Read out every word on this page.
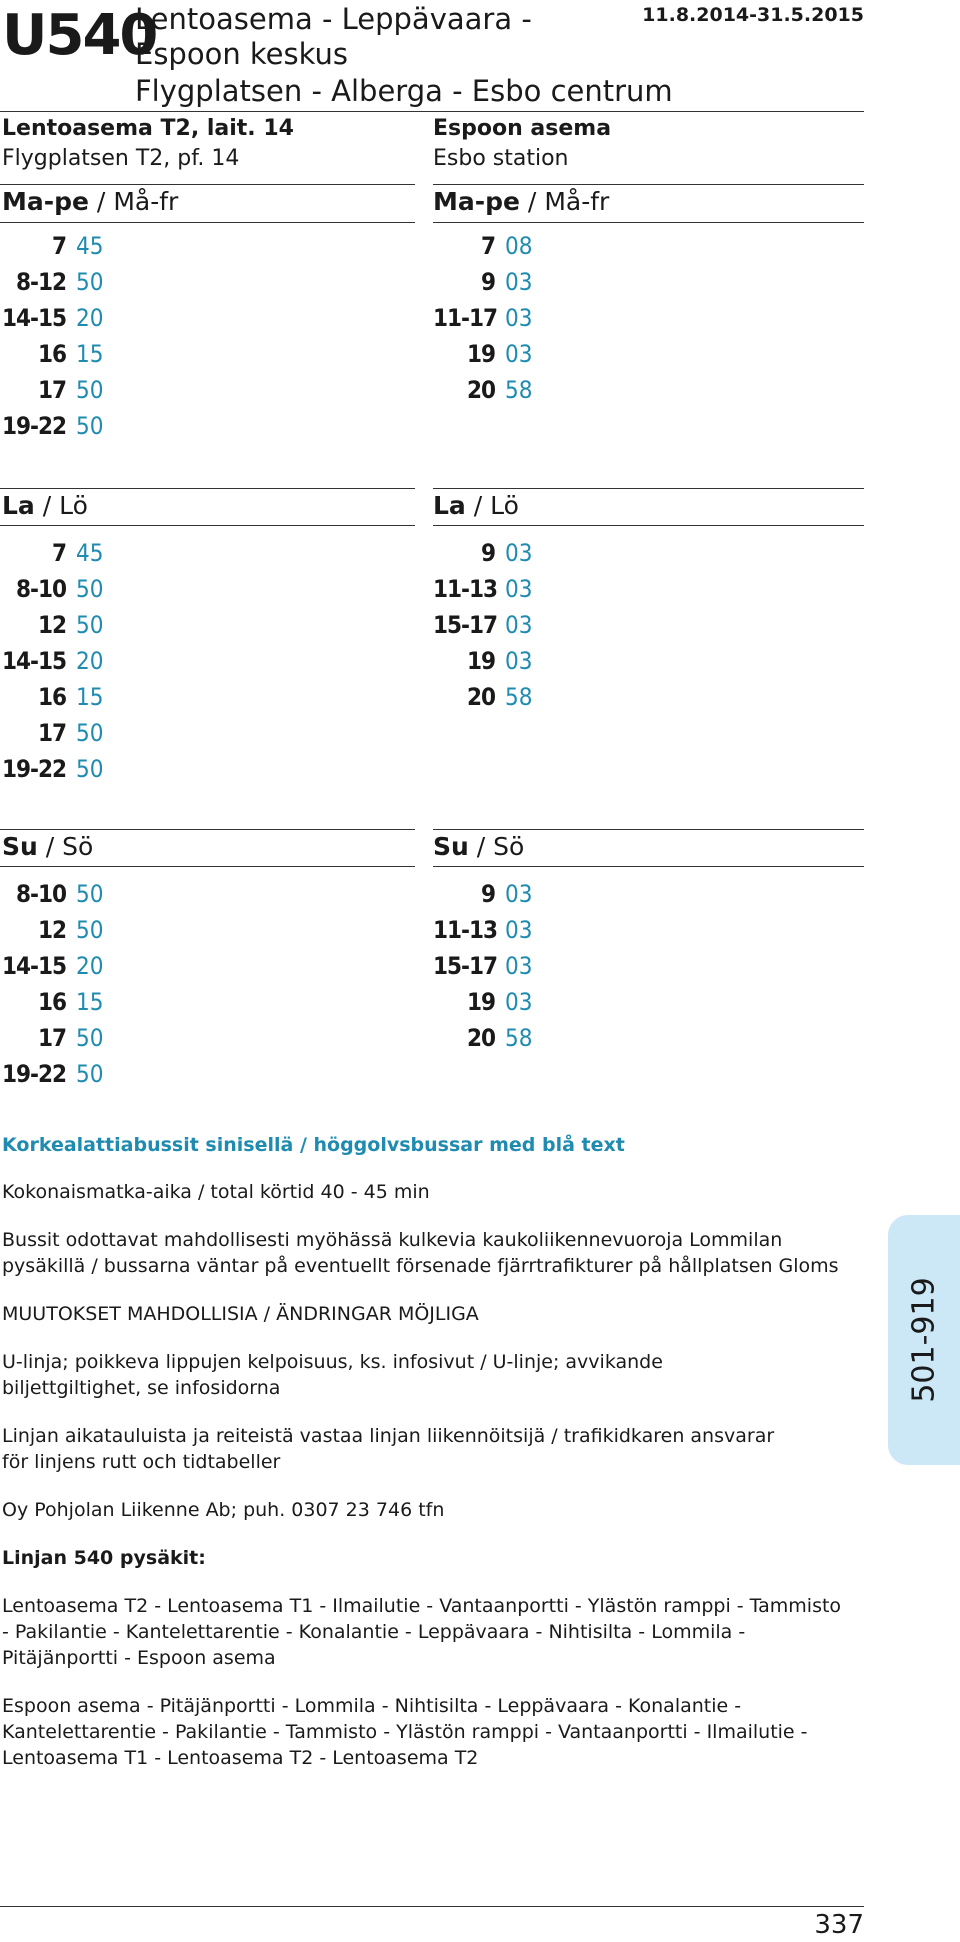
U540
Lentoasema - Leppävaara -
Espoon keskus
Flygplatsen - Alberga - Esbo centrum
11.8.2014-31.5.2015
Lentoasema T2, lait. 14
Flygplatsen T2, pf. 14
Espoon asema
Esbo station
Ma-pe / Må-fr
7 45
8-12 50
14-15 20
16 15
17 50
19-22 50
Ma-pe / Må-fr
7 08
9 03
11-17 03
19 03
20 58
La / Lö
7 45
8-10 50
12 50
14-15 20
16 15
17 50
19-22 50
La / Lö
9 03
11-13 03
15-17 03
19 03
20 58
Su / Sö
8-10 50
12 50
14-15 20
16 15
17 50
19-22 50
Su / Sö
9 03
11-13 03
15-17 03
19 03
20 58
Korkealattiabussit sinisellä / höggolvsbussar med blå text
Kokonaismatka-aika / total körtid 40 - 45 min
Bussit odottavat mahdollisesti myöhässä kulkevia kaukoliikennevuoroja Lommilan pysäkillä / bussarna väntar på eventuellt försenade fjärrtrafikturer på hållplatsen Gloms
MUUTOKSET MAHDOLLISIA / ÄNDRINGAR MÖJLIGA
U-linja; poikkeva lippujen kelpoisuus, ks. infosivut / U-linje; avvikande biljettgiltighet, se infosidorna
Linjan aikatauluista ja reiteistä vastaa linjan liikennöitsijä / trafikidkaren ansvarar för linjens rutt och tidtabeller
Oy Pohjolan Liikenne Ab; puh. 0307 23 746 tfn
Linjan 540 pysäkit:
Lentoasema T2 - Lentoasema T1 - Ilmailutie - Vantaanportti - Ylästön ramppi - Tammisto - Pakilantie - Kantelettarentie - Konalantie - Leppävaara - Nihtisilta - Lommila - Pitäjänportti - Espoon asema
Espoon asema - Pitäjänportti - Lommila - Nihtisilta - Leppävaara - Konalantie - Kantelettarentie - Pakilantie - Tammisto - Ylästön ramppi - Vantaanportti - Ilmailutie - Lentoasema T1 - Lentoasema T2 - Lentoasema T2
501-919
337
